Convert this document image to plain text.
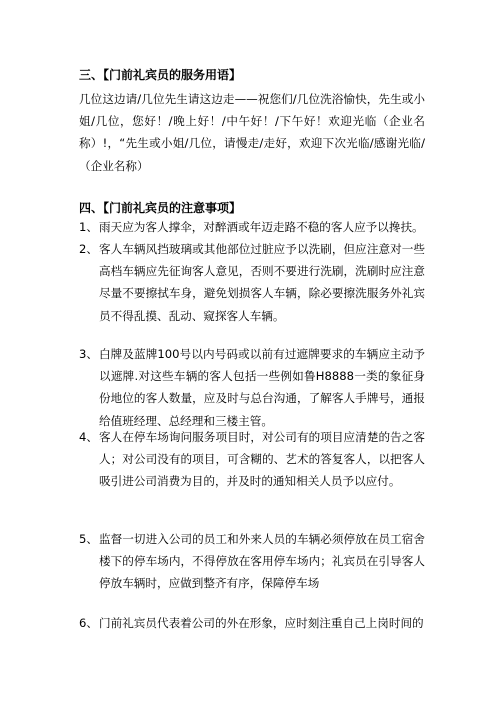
三、【门前礼宾员的服务用语】
几位这边请/几位先生请这边走——祝您们/几位洗浴愉快，先生或小姐/几位，您好！/晚上好！/中午好！/下午好！欢迎光临（企业名称）!，“先生或小姐/几位，请慢走/走好，欢迎下次光临/感谢光临/（企业名称）
四、【门前礼宾员的注意事项】
1、 雨天应为客人撑伞，对醉酒或年迈走路不稳的客人应予以搀扶。
2、 客人车辆风挡玻璃或其他部位过脏应予以洗刷，但应注意对一些高档车辆应先征询客人意见，否则不要进行洗刷，洗刷时应注意尽量不要擦拭车身，避免划损客人车辆，除必要擦洗服务外礼宾员不得乱摸、乱动、窥探客人车辆。
3、 白牌及蓝牌100号以内号码或以前有过遮牌要求的车辆应主动予以遮牌.对这些车辆的客人包括一些例如鲁H8888一类的象征身份地位的客人数量，应及时与总台沟通，了解客人手牌号，通报给值班经理、总经理和三楼主管。
4、 客人在停车场询问服务项目时，对公司有的项目应清楚的告之客人；对公司没有的项目，可含糊的、艺术的答复客人，以把客人吸引进公司消费为目的，并及时的通知相关人员予以应付。
5、 监督一切进入公司的员工和外来人员的车辆必须停放在员工宿舍楼下的停车场内，不得停放在客用停车场内；礼宾员在引导客人停放车辆时，应做到整齐有序，保障停车场
6、 门前礼宾员代表着公司的外在形象，应时刻注重自己上岗时间的
